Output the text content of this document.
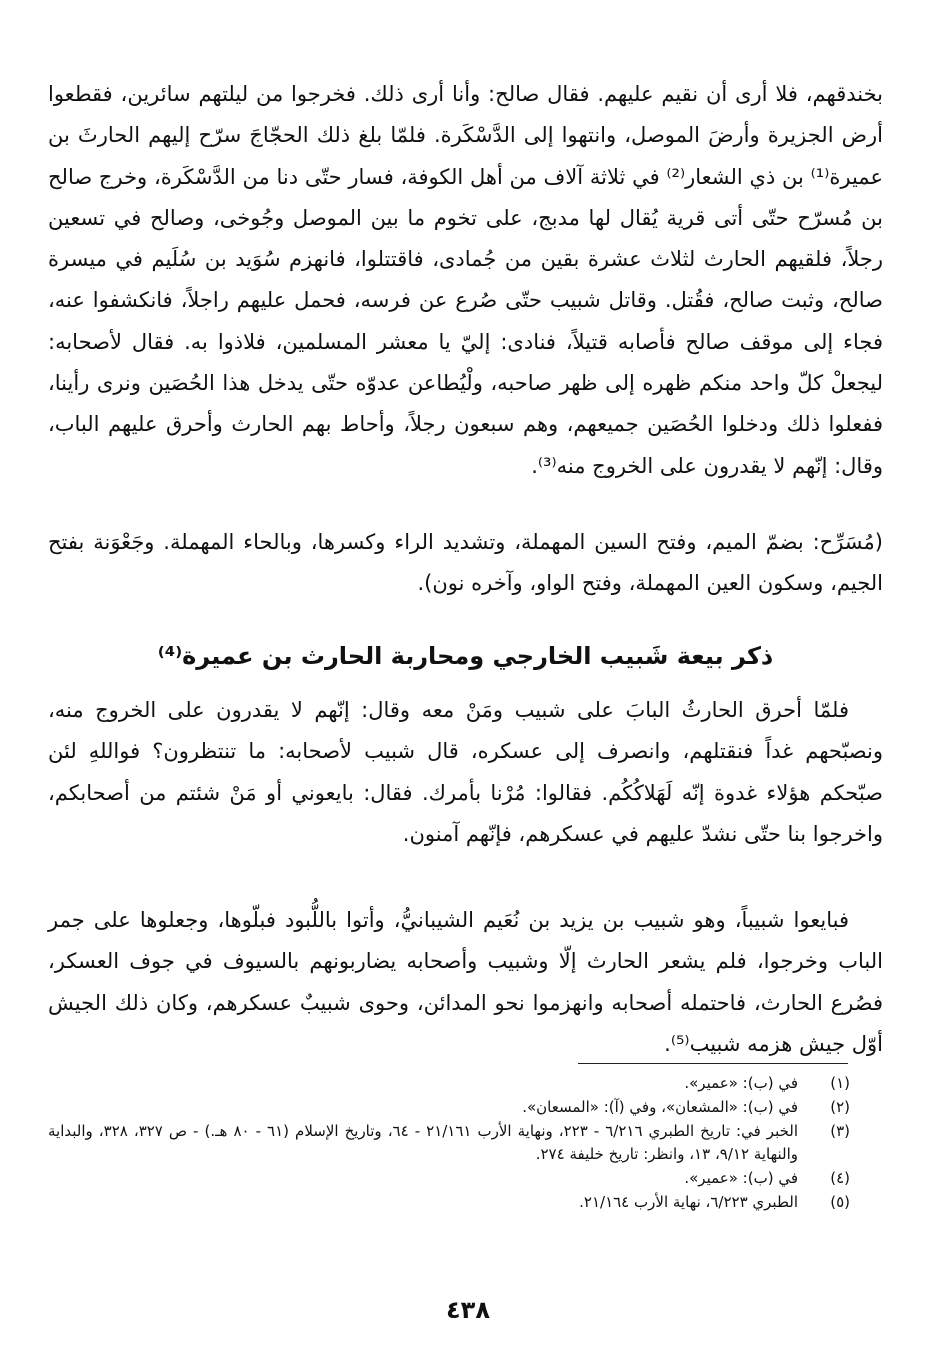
بخندقهم، فلا أرى أن نقيم عليهم. فقال صالح: وأنا أرى ذلك. فخرجوا من ليلتهم سائرين، فقطعوا أرض الجزيرة وأرضَ الموصل، وانتهوا إلى الدَّسْكَرة. فلمّا بلغ ذلك الحجّاجَ سرّح إليهم الحارثَ بن عميرة⁽¹⁾ بن ذي الشعار⁽²⁾ في ثلاثة آلاف من أهل الكوفة، فسار حتّى دنا من الدَّسْكَرة، وخرج صالح بن مُسرّح حتّى أتى قرية يُقال لها مدبج، على تخوم ما بين الموصل وجُوخى، وصالح في تسعين رجلاً، فلقيهم الحارث لثلاث عشرة بقين من جُمادى، فاقتتلوا، فانهزم سُوَيد بن سُلَيم في ميسرة صالح، وثبت صالح، فقُتل. وقاتل شبيب حتّى صُرع عن فرسه، فحمل عليهم راجلاً، فانكشفوا عنه، فجاء إلى موقف صالح فأصابه قتيلاً، فنادى: إليّ يا معشر المسلمين، فلاذوا به. فقال لأصحابه: ليجعلْ كلّ واحد منكم ظهره إلى ظهر صاحبه، ولْيُطاعن عدوّه حتّى يدخل هذا الحُصَين ونرى رأينا، ففعلوا ذلك ودخلوا الحُصَين جميعهم، وهم سبعون رجلاً، وأحاط بهم الحارث وأحرق عليهم الباب، وقال: إنّهم لا يقدرون على الخروج منه⁽³⁾.

(مُسَرِّح: بضمّ الميم، وفتح السين المهملة، وتشديد الراء وكسرها، وبالحاء المهملة. وجَعْوَنة بفتح الجيم، وسكون العين المهملة، وفتح الواو، وآخره نون).

ذكر بيعة شَبيب الخارجي ومحاربة الحارث بن عميرة⁽⁴⁾

فلمّا أحرق الحارثُ البابَ على شبيب ومَنْ معه وقال: إنّهم لا يقدرون على الخروج منه، ونصبّحهم غداً فنقتلهم، وانصرف إلى عسكره، قال شبيب لأصحابه: ما تنتظرون؟ فواللهِ لئن صبّحكم هؤلاء غدوة إنّه لَهَلاكُكُم. فقالوا: مُرْنا بأمرك. فقال: بايعوني أو مَنْ شئتم من أصحابكم، واخرجوا بنا حتّى نشدّ عليهم في عسكرهم، فإنّهم آمنون.

فبايعوا شبيباً، وهو شبيب بن يزيد بن نُعَيم الشيبانيُّ، وأتوا باللُّبود فبلّوها، وجعلوها على جمر الباب وخرجوا، فلم يشعر الحارث إلّا وشبيب وأصحابه يضاربونهم بالسيوف في جوف العسكر، فصُرع الحارث، فاحتمله أصحابه وانهزموا نحو المدائن، وحوى شبيبٌ عسكرهم، وكان ذلك الجيش أوّل جيش هزمه شبيب⁽⁵⁾.

(١)
في (ب): «عمير».
(٢)
في (ب): «المشعان»، وفي (آ): «المسعان».
(٣)
الخبر في: تاريخ الطبري ٦/٢١٦ - ٢٢٣، ونهاية الأرب ٢١/١٦١ - ٦٤، وتاريخ الإسلام (٦١ - ٨٠ هـ.) - ص ٣٢٧، ٣٢٨، والبداية والنهاية ٩/١٢، ١٣، وانظر: تاريخ خليفة ٢٧٤.
(٤)
في (ب): «عمير».
(٥)
الطبري ٦/٢٢٣، نهاية الأرب ٢١/١٦٤.

٤٣٨
